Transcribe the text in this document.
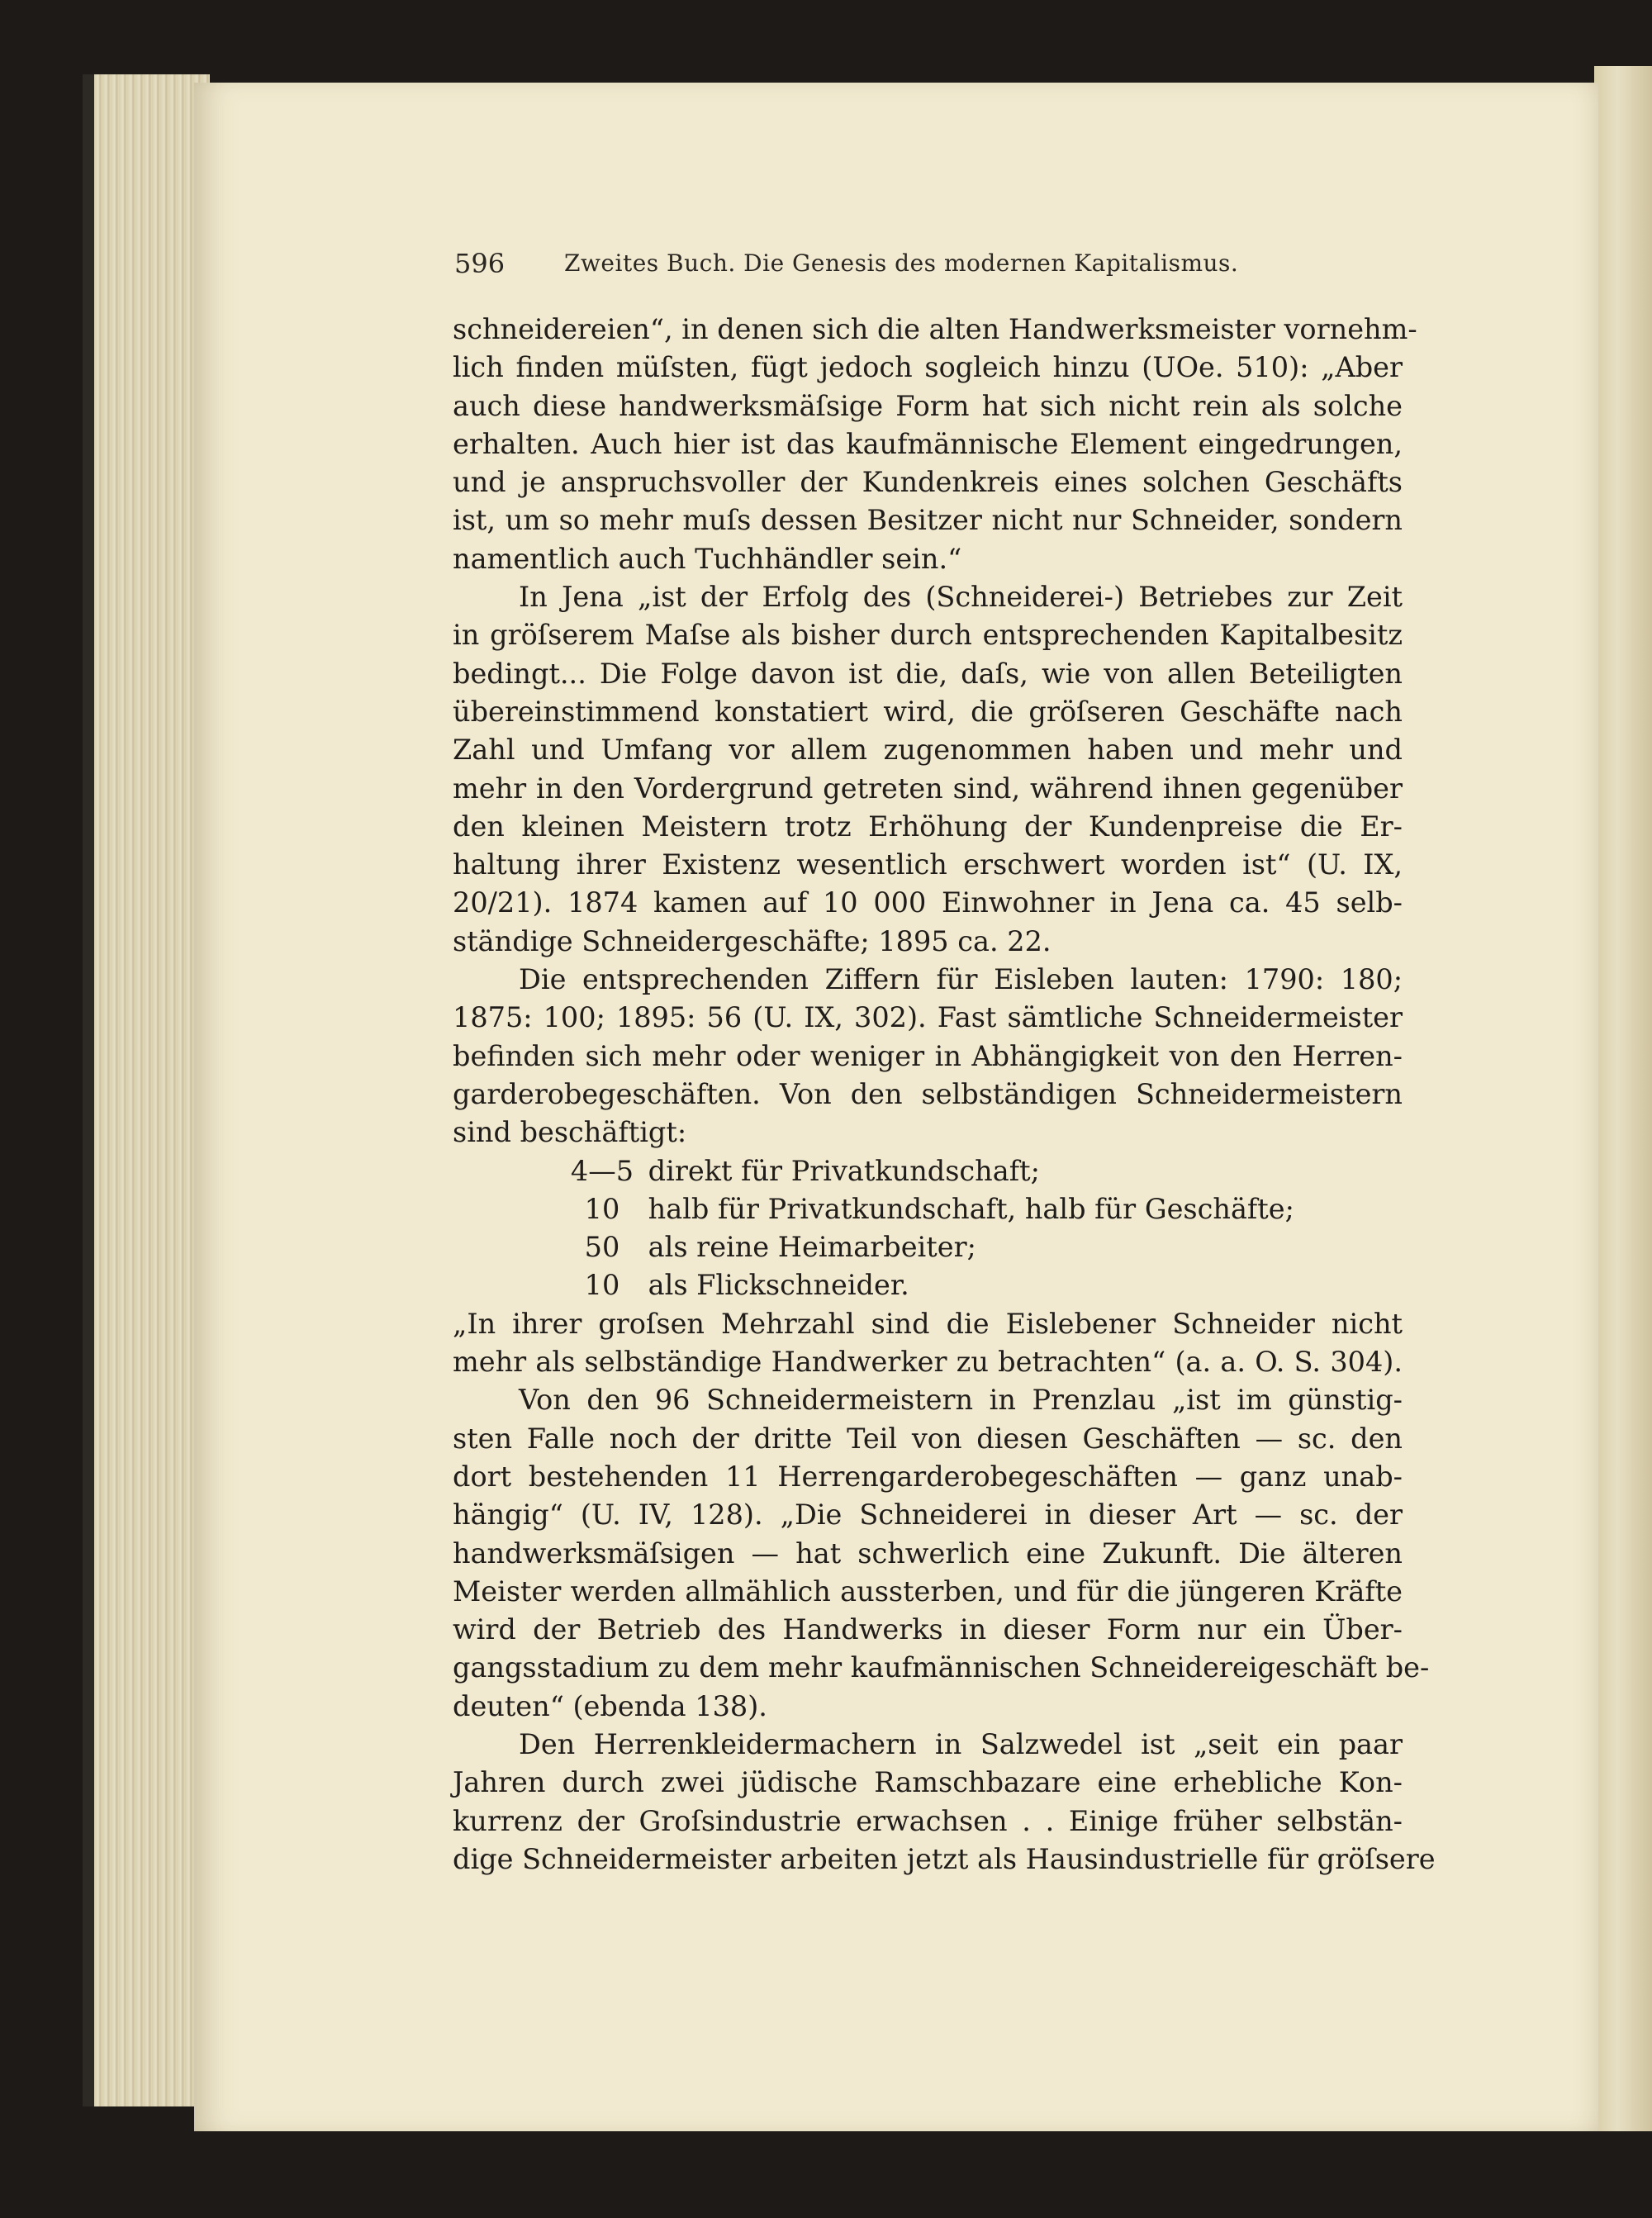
596	Zweites Buch. Die Genesis des modernen Kapitalismus.
schneidereien“, in denen sich die alten Handwerksmeister vornehm-
lich finden müſsten, fügt jedoch sogleich hinzu (UOe. 510): „Aber
auch diese handwerksmäſsige Form hat sich nicht rein als solche
erhalten. Auch hier ist das kaufmännische Element eingedrungen,
und je anspruchsvoller der Kundenkreis eines solchen Geschäfts
ist, um so mehr muſs dessen Besitzer nicht nur Schneider, sondern
namentlich auch Tuchhändler sein.“
In Jena „ist der Erfolg des (Schneiderei-) Betriebes zur Zeit
in gröſserem Maſse als bisher durch entsprechenden Kapitalbesitz
bedingt... Die Folge davon ist die, daſs, wie von allen Beteiligten
übereinstimmend konstatiert wird, die gröſseren Geschäfte nach
Zahl und Umfang vor allem zugenommen haben und mehr und
mehr in den Vordergrund getreten sind, während ihnen gegenüber
den kleinen Meistern trotz Erhöhung der Kundenpreise die Er-
haltung ihrer Existenz wesentlich erschwert worden ist“ (U. IX,
20/21). 1874 kamen auf 10 000 Einwohner in Jena ca. 45 selb-
ständige Schneidergeschäfte; 1895 ca. 22.
Die entsprechenden Ziffern für Eisleben lauten: 1790: 180;
1875: 100; 1895: 56 (U. IX, 302). Fast sämtliche Schneidermeister
befinden sich mehr oder weniger in Abhängigkeit von den Herren-
garderobegeschäften. Von den selbständigen Schneidermeistern
sind beschäftigt:
4—5 direkt für Privatkundschaft;
10 halb für Privatkundschaft, halb für Geschäfte;
50 als reine Heimarbeiter;
10 als Flickschneider.
„In ihrer groſsen Mehrzahl sind die Eislebener Schneider nicht
mehr als selbständige Handwerker zu betrachten“ (a. a. O. S. 304).
Von den 96 Schneidermeistern in Prenzlau „ist im günstig-
sten Falle noch der dritte Teil von diesen Geschäften — sc. den
dort bestehenden 11 Herrengarderobegeschäften — ganz unab-
hängig“ (U. IV, 128). „Die Schneiderei in dieser Art — sc. der
handwerksmäſsigen — hat schwerlich eine Zukunft. Die älteren
Meister werden allmählich aussterben, und für die jüngeren Kräfte
wird der Betrieb des Handwerks in dieser Form nur ein Über-
gangsstadium zu dem mehr kaufmännischen Schneidereigeschäft be-
deuten“ (ebenda 138).
Den Herrenkleidermachern in Salzwedel ist „seit ein paar
Jahren durch zwei jüdische Ramschbazare eine erhebliche Kon-
kurrenz der Groſsindustrie erwachsen . . Einige früher selbstän-
dige Schneidermeister arbeiten jetzt als Hausindustrielle für gröſsere
